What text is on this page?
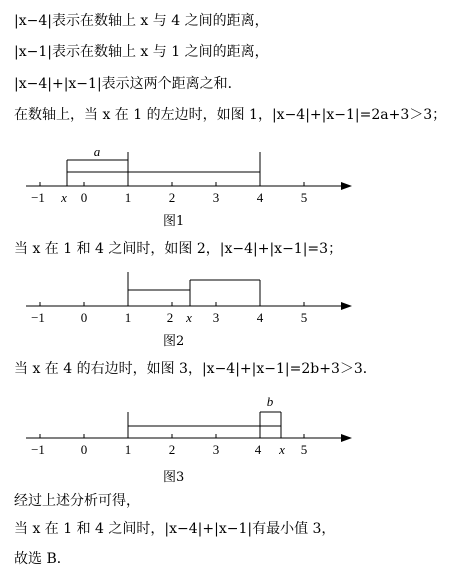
|x−4|表示在数轴上 x 与 4 之间的距离，
|x−1|表示在数轴上 x 与 1 之间的距离，
|x−4|+|x−1|表示这两个距离之和．
在数轴上，当 x 在 1 的左边时，如图 1，|x−4|+|x−1|=2a+3＞3；
a
−1 x 0	1	2	3	4	5
图1
当 x 在 1 和 4 之间时，如图 2，|x−4|+|x−1|=3；
−1	0	1	2 x 3	4	5
图2
当 x 在 4 的右边时，如图 3，|x−4|+|x−1|=2b+3＞3．
b
−1	0	1	2	3	4 x 5
图3
经过上述分析可得，
当 x 在 1 和 4 之间时，|x−4|+|x−1|有最小值 3，
故选 B．
